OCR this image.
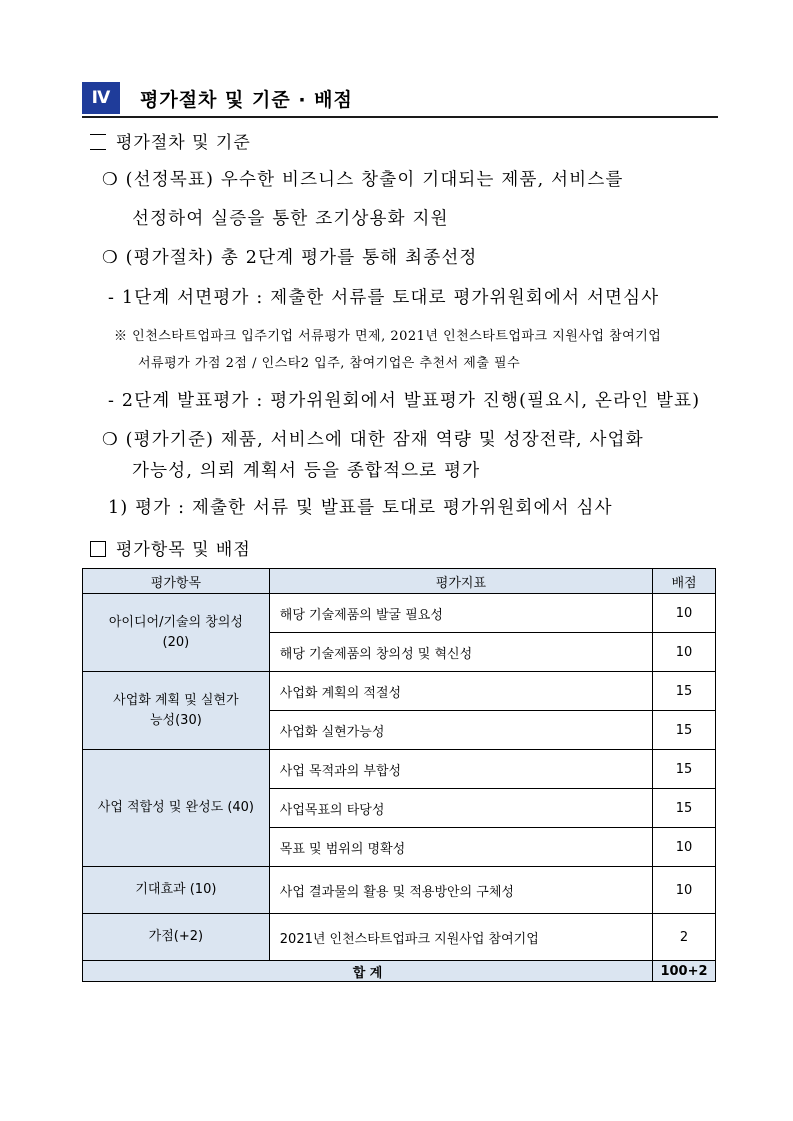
Ⅳ	평가절차 및 기준 · 배점
평가절차 및 기준
❍ (선정목표) 우수한 비즈니스 창출이 기대되는 제품, 서비스를
선정하여 실증을 통한 조기상용화 지원
❍ (평가절차) 총 2단계 평가를 통해 최종선정
- 1단계 서면평가 : 제출한 서류를 토대로 평가위원회에서 서면심사
※ 인천스타트업파크 입주기업 서류평가 면제, 2021년 인천스타트업파크 지원사업 참여기업
서류평가 가점 2점 / 인스타2 입주, 참여기업은 추천서 제출 필수
- 2단계 발표평가 : 평가위원회에서 발표평가 진행(필요시, 온라인 발표)
❍ (평가기준) 제품, 서비스에 대한 잠재 역량 및 성장전략, 사업화
가능성, 의뢰 계획서 등을 종합적으로 평가
1) 평가 : 제출한 서류 및 발표를 토대로 평가위원회에서 심사
평가항목 및 배점
평가항목	평가지표	배점
아이디어/기술의 창의성(20)	해당 기술제품의 발굴 필요성	10
	해당 기술제품의 창의성 및 혁신성	10
사업화 계획 및 실현가능성(30)	사업화 계획의 적절성	15
	사업화 실현가능성	15
사업 적합성 및 완성도 (40)	사업 목적과의 부합성	15
	사업목표의 타당성	15
	목표 및 범위의 명확성	10
기대효과 (10)	사업 결과물의 활용 및 적용방안의 구체성	10
가점(+2)	2021년 인천스타트업파크 지원사업 참여기업	2
합 계		100+2
